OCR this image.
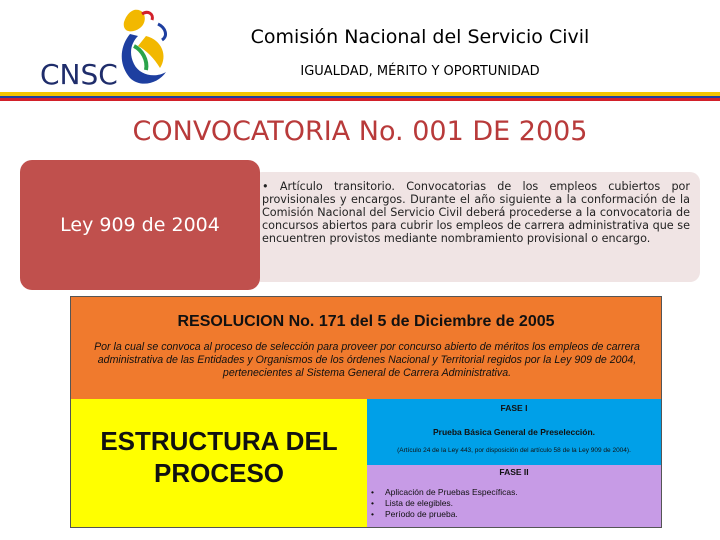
CNSC
Comisión Nacional del Servicio Civil
IGUALDAD, MÉRITO Y OPORTUNIDAD
CONVOCATORIA No. 001 DE 2005
• Artículo transitorio. Convocatorias de los empleos cubiertos por provisionales y encargos. Durante el año siguiente a la conformación de la Comisión Nacional del Servicio Civil deberá procederse a la convocatoria de concursos abiertos para cubrir los empleos de carrera administrativa que se encuentren provistos mediante nombramiento provisional o encargo.
Ley 909 de 2004
RESOLUCION No. 171 del 5 de Diciembre de 2005
Por la cual se convoca al proceso de selección para proveer por concurso abierto de méritos los empleos de carrera administrativa de las Entidades y Organismos de los órdenes Nacional y Territorial regidos por la Ley 909 de 2004, pertenecientes al Sistema General de Carrera Administrativa.
ESTRUCTURA DEL
PROCESO
FASE I
Prueba Básica General de Preselección.
(Artículo 24 de la Ley 443, por disposición del artículo 58 de la Ley 909 de 2004).
FASE II
• Aplicación de Pruebas Específicas.
• Lista de elegibles.
• Período de prueba.
